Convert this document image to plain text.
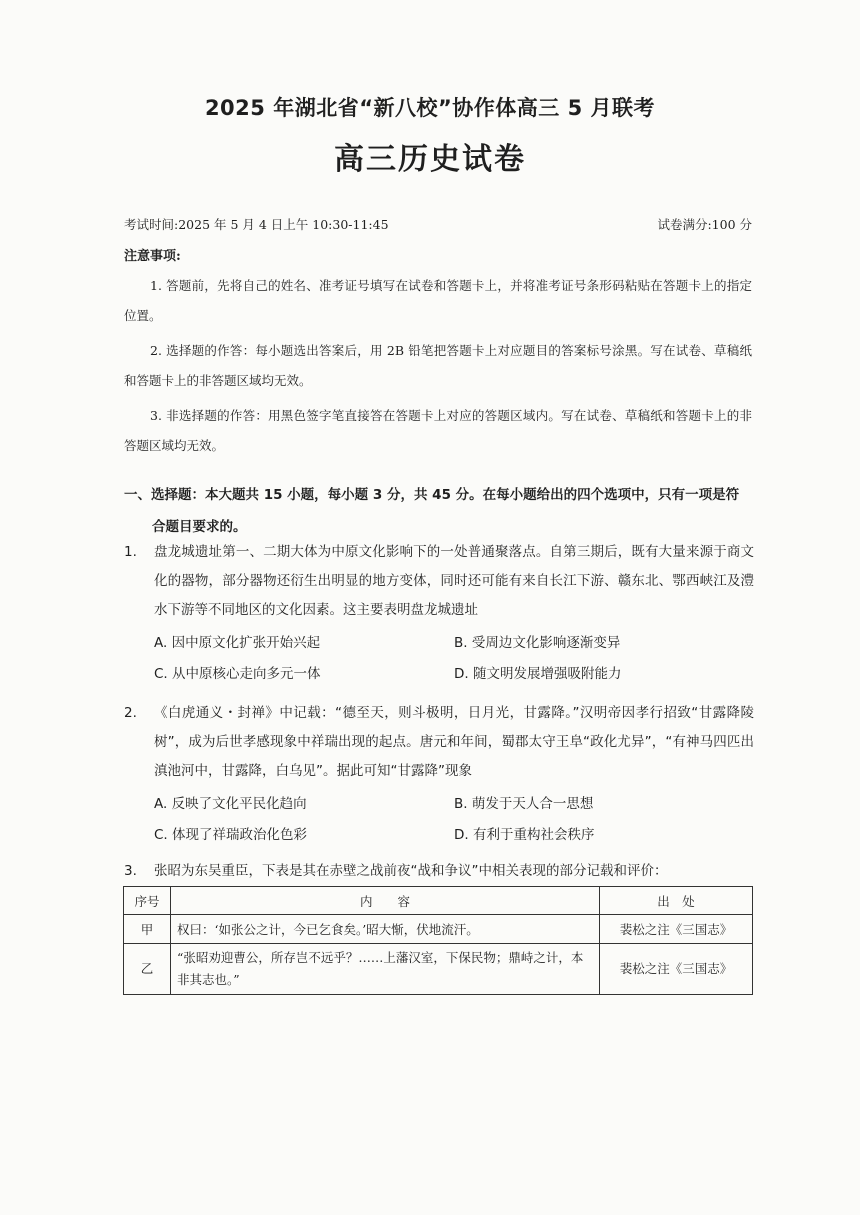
2025 年湖北省“新八校”协作体高三 5 月联考
高三历史试卷
考试时间:2025 年 5 月 4 日上午 10:30-11:45	试卷满分:100 分
注意事项:
1. 答题前，先将自己的姓名、准考证号填写在试卷和答题卡上，并将准考证号条形码粘贴在答题卡上的指定位置。
2. 选择题的作答：每小题选出答案后，用 2B 铅笔把答题卡上对应题目的答案标号涂黑。写在试卷、草稿纸和答题卡上的非答题区域均无效。
3. 非选择题的作答：用黑色签字笔直接答在答题卡上对应的答题区域内。写在试卷、草稿纸和答题卡上的非答题区域均无效。
一、选择题：本大题共 15 小题，每小题 3 分，共 45 分。在每小题给出的四个选项中，只有一项是符
合题目要求的。
1. 盘龙城遗址第一、二期大体为中原文化影响下的一处普通聚落点。自第三期后，既有大量来源于商文化的器物，部分器物还衍生出明显的地方变体，同时还可能有来自长江下游、赣东北、鄂西峡江及澧水下游等不同地区的文化因素。这主要表明盘龙城遗址
A. 因中原文化扩张开始兴起	B. 受周边文化影响逐渐变异
C. 从中原核心走向多元一体	D. 随文明发展增强吸附能力
2. 《白虎通义・封禅》中记载：“德至天，则斗极明，日月光，甘露降。”汉明帝因孝行招致“甘露降陵树”，成为后世孝感现象中祥瑞出现的起点。唐元和年间，蜀郡太守王阜“政化尤异”，“有神马四匹出滇池河中，甘露降，白乌见”。据此可知“甘露降”现象
A. 反映了文化平民化趋向	B. 萌发于天人合一思想
C. 体现了祥瑞政治化色彩	D. 有利于重构社会秩序
3. 张昭为东吴重臣，下表是其在赤壁之战前夜“战和争议”中相关表现的部分记载和评价：
序号	内　　容	出　处
甲	权曰：‘如张公之计，今已乞食矣。’昭大惭，伏地流汗。	裴松之注《三国志》
乙	“张昭劝迎曹公，所存岂不远乎？……上藩汉室，下保民物；鼎峙之计，本非其志也。”	裴松之注《三国志》
